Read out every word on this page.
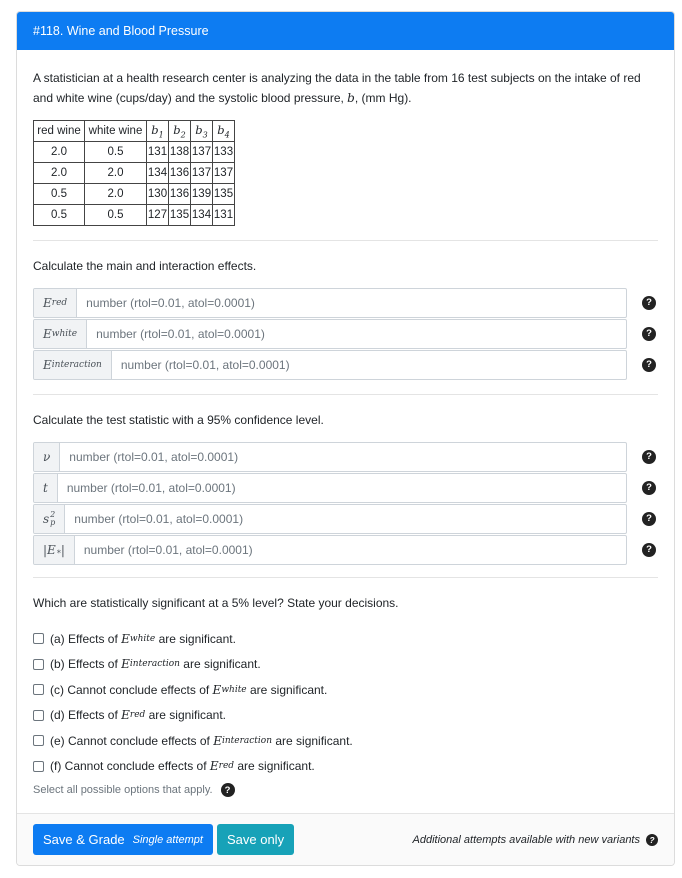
#118. Wine and Blood Pressure

A statistician at a health research center is analyzing the data in the table from 16 test subjects on the intake of red and white wine (cups/day) and the systolic blood pressure, b, (mm Hg).

red wine	white wine	$b_1$	$b_2$	$b_3$	$b_4$
2.0	0.5	131	138	137	133
2.0	2.0	134	136	137	137
0.5	2.0	130	136	139	135
0.5	0.5	127	135	134	131

Calculate the main and interaction effects.

E red	number (rtol=0.01, atol=0.0001)	?
E white	number (rtol=0.01, atol=0.0001)	?
E interaction	number (rtol=0.01, atol=0.0001)	?

Calculate the test statistic with a 95% confidence level.

ν	number (rtol=0.01, atol=0.0001)	?
t	number (rtol=0.01, atol=0.0001)	?
s 2
p	number (rtol=0.01, atol=0.0001)	?
|E
* |	number (rtol=0.01, atol=0.0001)	?

Which are statistically significant at a 5% level? State your decisions.

(a) Effects of E white are significant.
(b) Effects of E interaction are significant.
(c) Cannot conclude effects of E white are significant.
(d) Effects of E red are significant.
(e) Cannot conclude effects of E interaction are significant.
(f) Cannot conclude effects of E red are significant.
Select all possible options that apply.	?
Save & Grade Single attempt Save only	Additional attempts available with new variants	?
